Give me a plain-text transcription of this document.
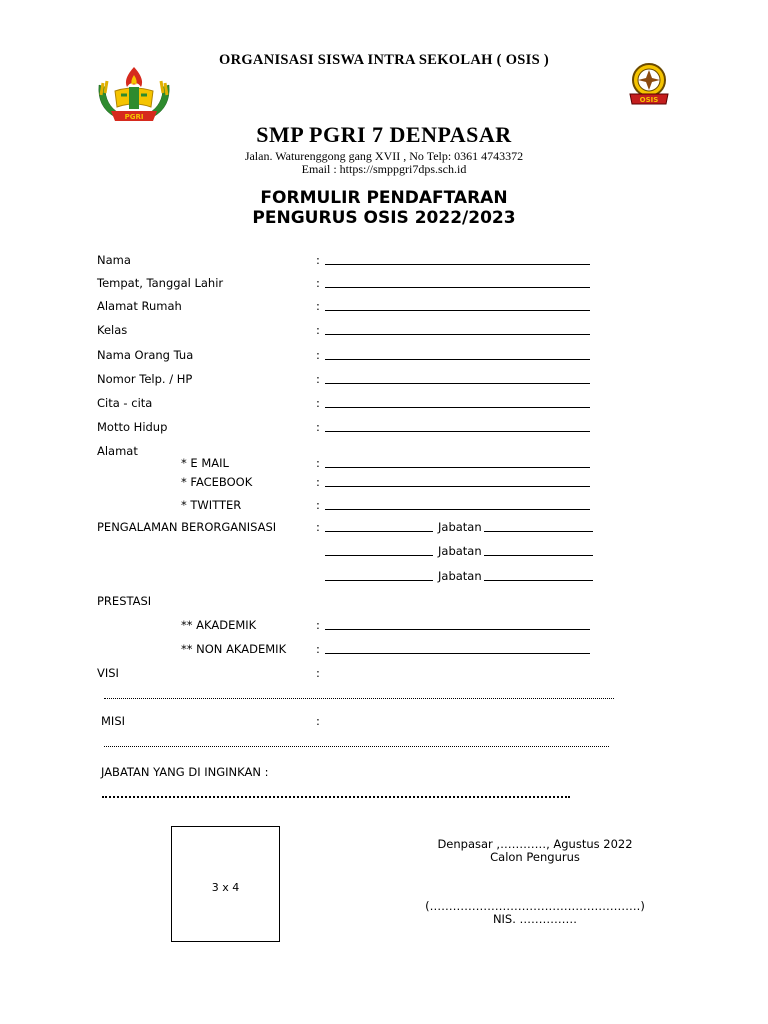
ORGANISASI SISWA INTRA SEKOLAH ( OSIS )
PGRI
OSIS
SMP PGRI 7 DENPASAR
Jalan. Waturenggong gang XVII , No Telp: 0361 4743372
Email : https://smppgri7dps.sch.id
FORMULIR PENDAFTARAN
PENGURUS OSIS 2022/2023
Nama	:
Tempat, Tanggal Lahir	:
Alamat Rumah	:
Kelas	:
Nama Orang Tua	:
Nomor Telp. / HP	:
Cita - cita	:
Motto Hidup	:
Alamat
* E MAIL	:
* FACEBOOK	:
* TWITTER	:
PENGALAMAN BERORGANISASI	:	Jabatan
Jabatan
Jabatan
PRESTASI
** AKADEMIK	:
** NON AKADEMIK	:
VISI	:
MISI	:
JABATAN YANG DI INGINKAN :
3 x 4
Denpasar ,…………, Agustus 2022
Calon Pengurus
(……………………………………………….)
NIS. ……………
